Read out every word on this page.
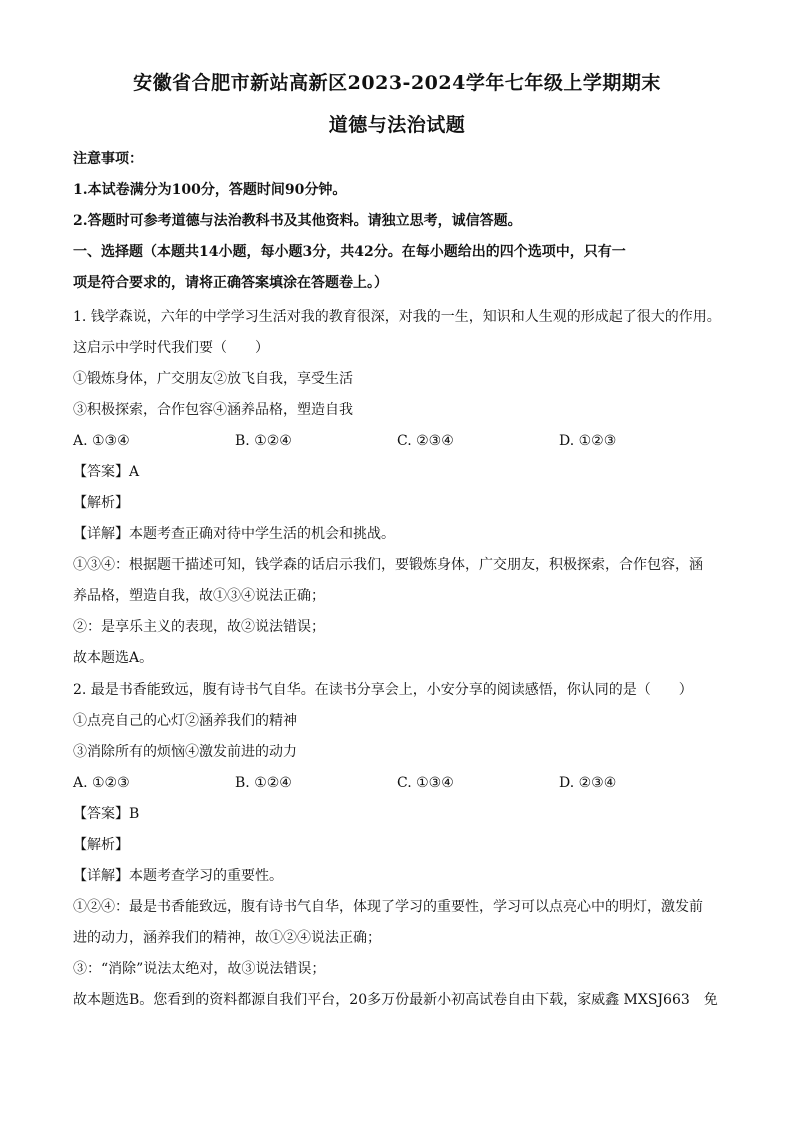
安徽省合肥市新站高新区2023-2024学年七年级上学期期末
道德与法治试题
注意事项：
1.本试卷满分为100分，答题时间90分钟。
2.答题时可参考道德与法治教科书及其他资料。请独立思考，诚信答题。
一、选择题（本题共14小题，每小题3分，共42分。在每小题给出的四个选项中，只有一
项是符合要求的，请将正确答案填涂在答题卷上。）
1. 钱学森说，六年的中学学习生活对我的教育很深，对我的一生，知识和人生观的形成起了很大的作用。
这启示中学时代我们要（　　）
①锻炼身体，广交朋友②放飞自我，享受生活
③积极探索，合作包容④涵养品格，塑造自我
A. ①③④	B. ①②④	C. ②③④	D. ①②③
【答案】A
【解析】
【详解】本题考查正确对待中学生活的机会和挑战。
①③④：根据题干描述可知，钱学森的话启示我们，要锻炼身体，广交朋友，积极探索，合作包容，涵
养品格，塑造自我，故①③④说法正确；
②：是享乐主义的表现，故②说法错误；
故本题选A。
2. 最是书香能致远，腹有诗书气自华。在读书分享会上，小安分享的阅读感悟，你认同的是（　　）
①点亮自己的心灯②涵养我们的精神
③消除所有的烦恼④激发前进的动力
A. ①②③	B. ①②④	C. ①③④	D. ②③④
【答案】B
【解析】
【详解】本题考查学习的重要性。
①②④：最是书香能致远，腹有诗书气自华，体现了学习的重要性，学习可以点亮心中的明灯，激发前
进的动力，涵养我们的精神，故①②④说法正确；
③：“消除”说法太绝对，故③说法错误；
故本题选B。您看到的资料都源自我们平台，20多万份最新小初高试卷自由下载，家威鑫 MXSJ663　免
